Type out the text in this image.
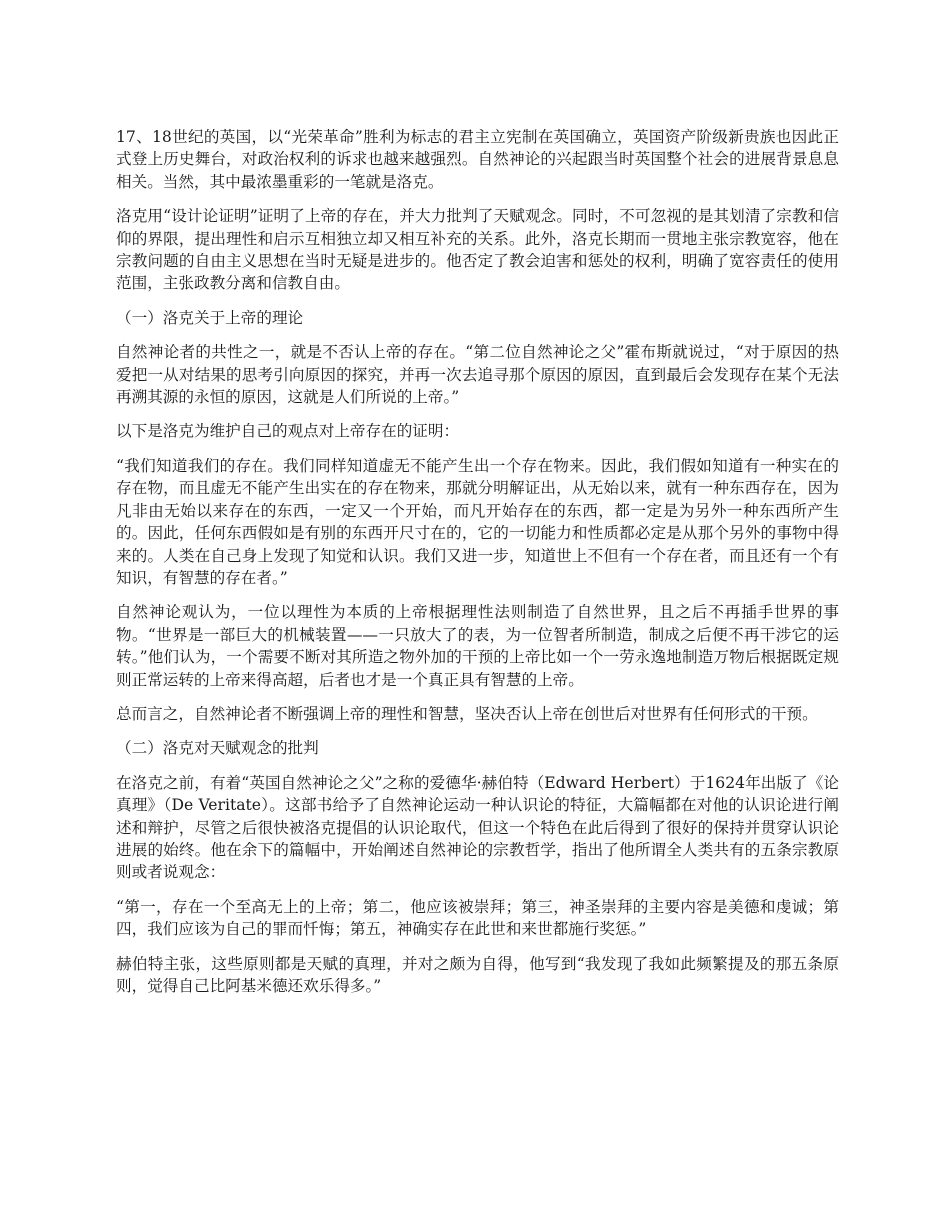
17、18世纪的英国，以“光荣革命”胜利为标志的君主立宪制在英国确立，英国资产阶级新贵族也因此正式登上历史舞台，对政治权利的诉求也越来越强烈。自然神论的兴起跟当时英国整个社会的进展背景息息相关。当然，其中最浓墨重彩的一笔就是洛克。

洛克用“设计论证明”证明了上帝的存在，并大力批判了天赋观念。同时，不可忽视的是其划清了宗教和信仰的界限，提出理性和启示互相独立却又相互补充的关系。此外，洛克长期而一贯地主张宗教宽容，他在宗教问题的自由主义思想在当时无疑是进步的。他否定了教会迫害和惩处的权利，明确了宽容责任的使用范围，主张政教分离和信教自由。

（一）洛克关于上帝的理论

自然神论者的共性之一，就是不否认上帝的存在。“第二位自然神论之父”霍布斯就说过，“对于原因的热爱把一从对结果的思考引向原因的探究，并再一次去追寻那个原因的原因，直到最后会发现存在某个无法再溯其源的永恒的原因，这就是人们所说的上帝。”

以下是洛克为维护自己的观点对上帝存在的证明：

“我们知道我们的存在。我们同样知道虚无不能产生出一个存在物来。因此，我们假如知道有一种实在的存在物，而且虚无不能产生出实在的存在物来，那就分明解证出，从无始以来，就有一种东西存在，因为凡非由无始以来存在的东西，一定又一个开始，而凡开始存在的东西，都一定是为另外一种东西所产生的。因此，任何东西假如是有别的东西开尺寸在的，它的一切能力和性质都必定是从那个另外的事物中得来的。人类在自己身上发现了知觉和认识。我们又进一步，知道世上不但有一个存在者，而且还有一个有知识，有智慧的存在者。”

自然神论观认为，一位以理性为本质的上帝根据理性法则制造了自然世界，且之后不再插手世界的事物。“世界是一部巨大的机械装置——一只放大了的表，为一位智者所制造，制成之后便不再干涉它的运转。”他们认为，一个需要不断对其所造之物外加的干预的上帝比如一个一劳永逸地制造万物后根据既定规则正常运转的上帝来得高超，后者也才是一个真正具有智慧的上帝。

总而言之，自然神论者不断强调上帝的理性和智慧，坚决否认上帝在创世后对世界有任何形式的干预。

（二）洛克对天赋观念的批判

在洛克之前，有着“英国自然神论之父”之称的爱德华·赫伯特（Edward Herbert）于1624年出版了《论真理》（De Veritate）。这部书给予了自然神论运动一种认识论的特征，大篇幅都在对他的认识论进行阐述和辩护，尽管之后很快被洛克提倡的认识论取代，但这一个特色在此后得到了很好的保持并贯穿认识论进展的始终。他在余下的篇幅中，开始阐述自然神论的宗教哲学，指出了他所谓全人类共有的五条宗教原则或者说观念：

“第一，存在一个至高无上的上帝；第二，他应该被崇拜；第三，神圣崇拜的主要内容是美德和虔诚；第四，我们应该为自己的罪而忏悔；第五，神确实存在此世和来世都施行奖惩。”

赫伯特主张，这些原则都是天赋的真理，并对之颇为自得，他写到“我发现了我如此频繁提及的那五条原则，觉得自己比阿基米德还欢乐得多。”
